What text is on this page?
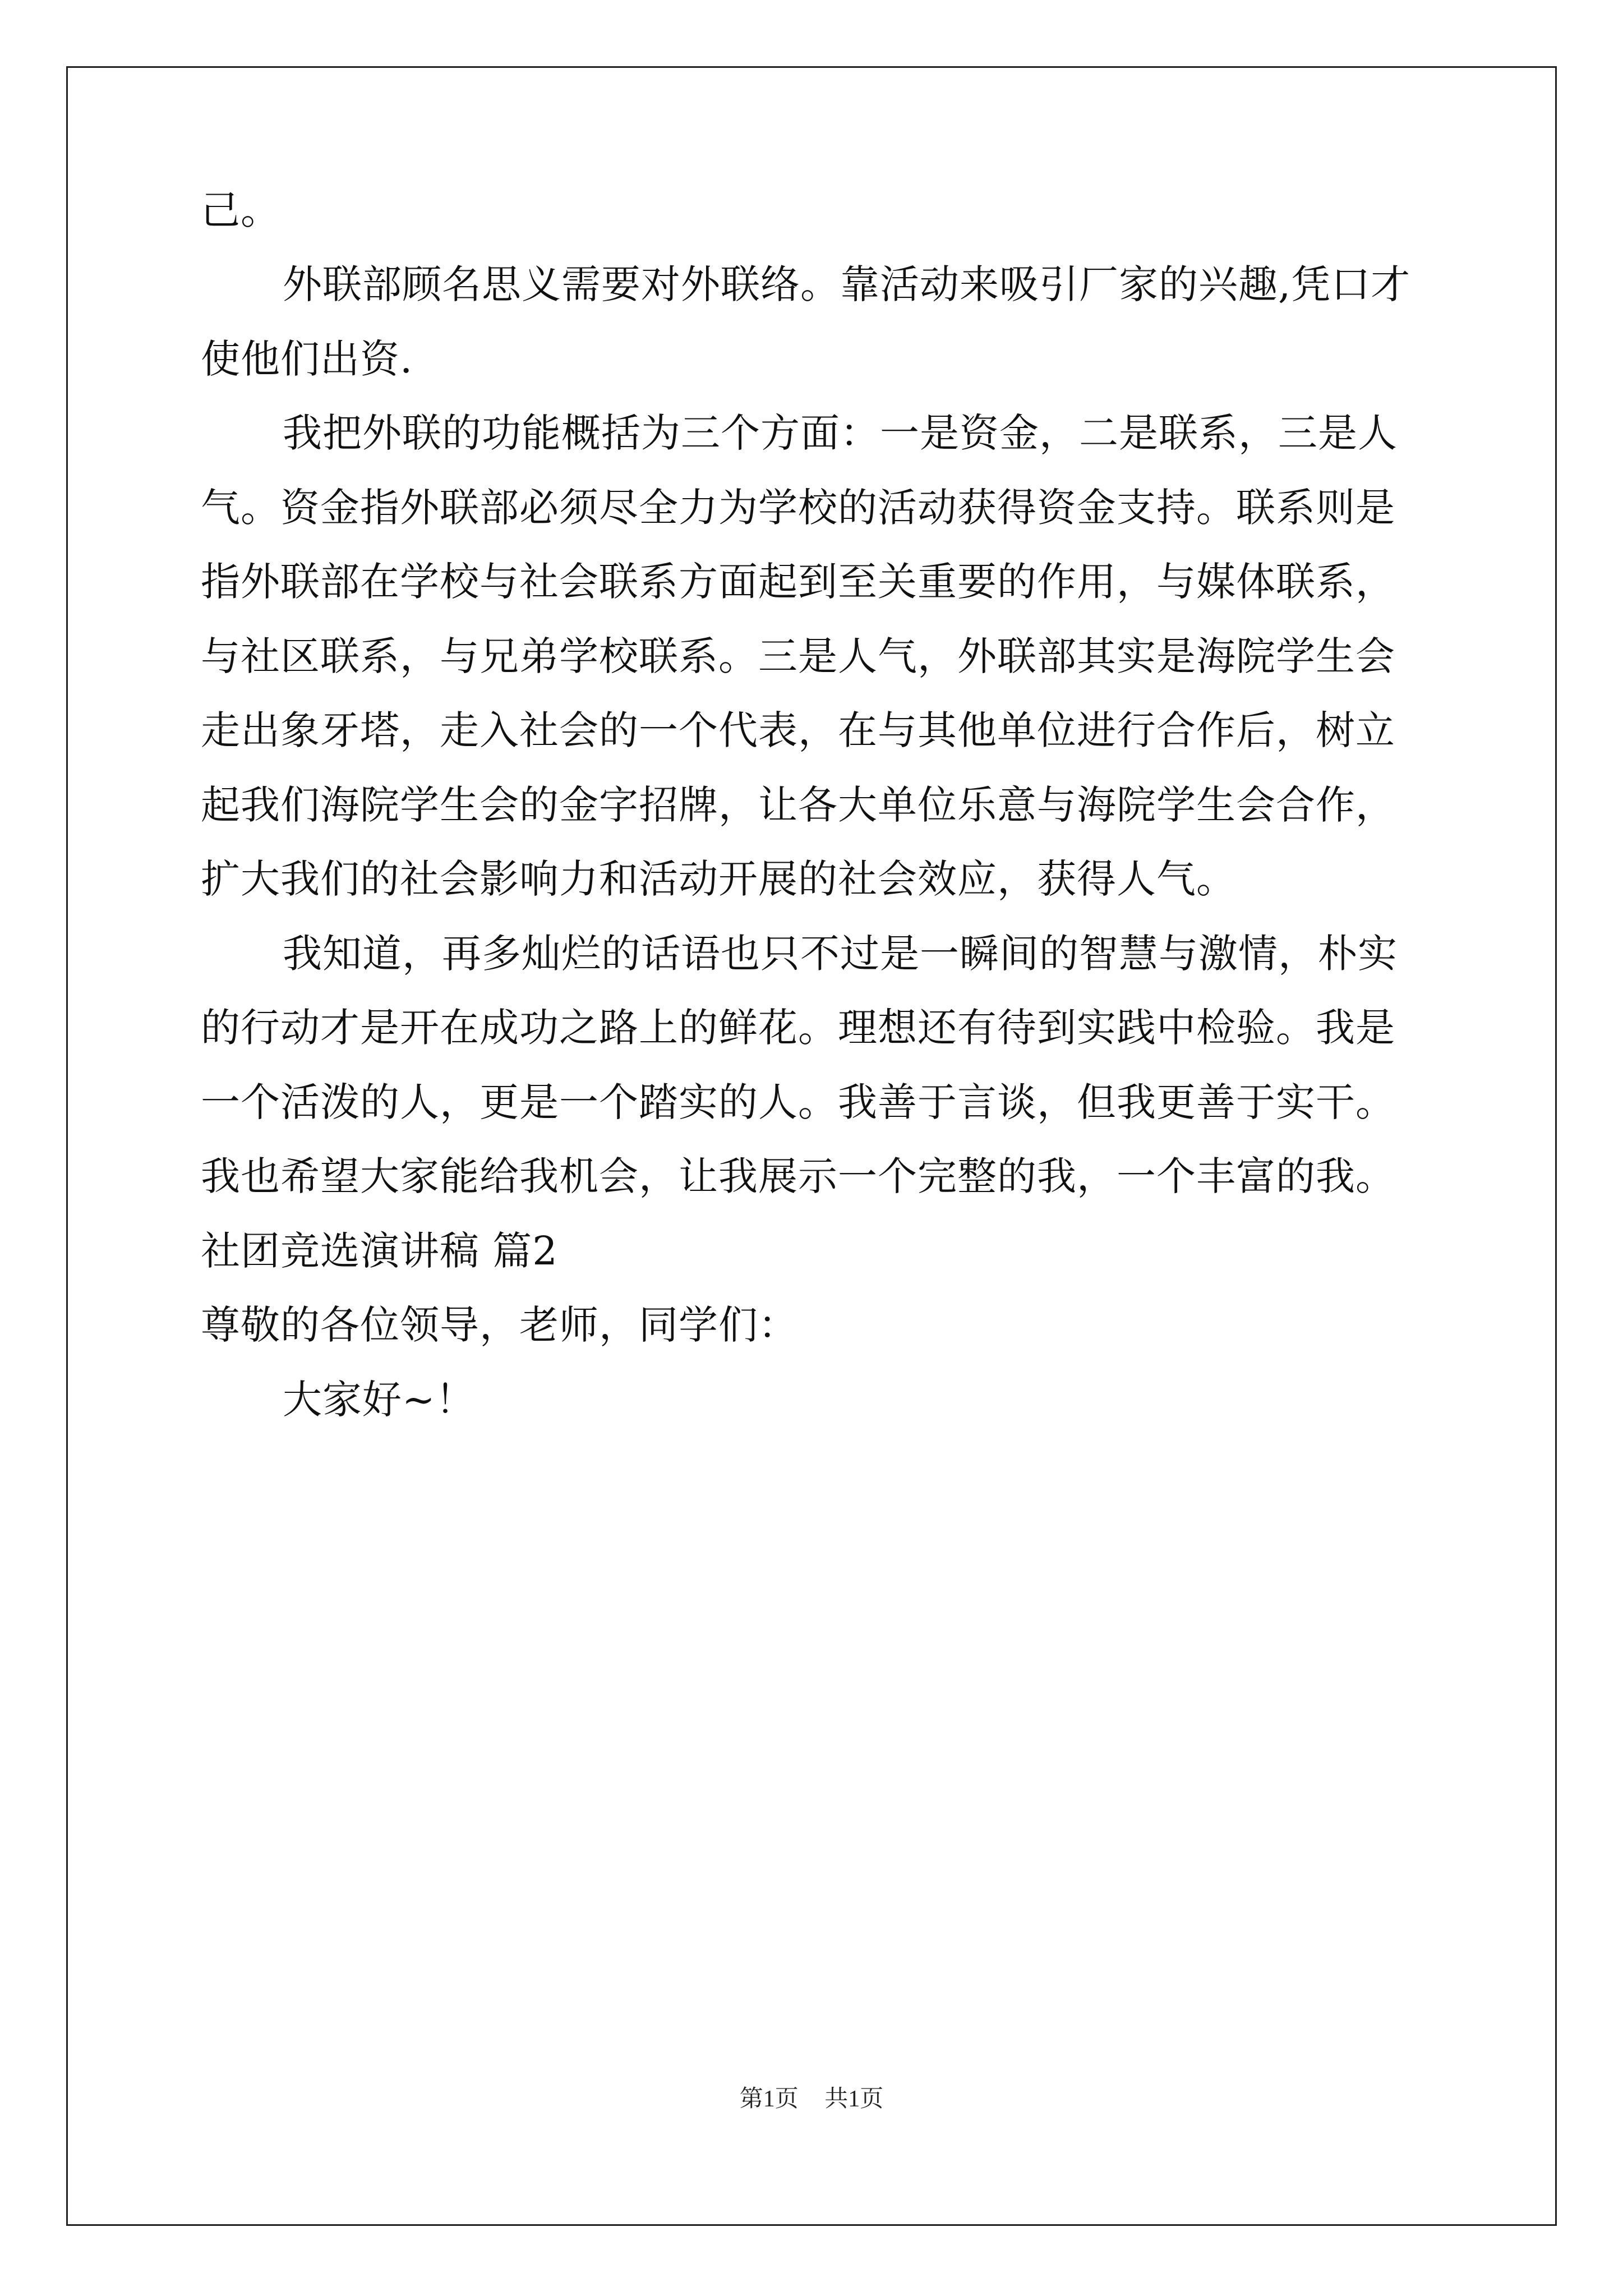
己。
外联部顾名思义需要对外联络。靠活动来吸引厂家的兴趣,凭口才
使他们出资.
我把外联的功能概括为三个方面：一是资金，二是联系，三是人
气。资金指外联部必须尽全力为学校的活动获得资金支持。联系则是
指外联部在学校与社会联系方面起到至关重要的作用，与媒体联系，
与社区联系，与兄弟学校联系。三是人气，外联部其实是海院学生会
走出象牙塔，走入社会的一个代表，在与其他单位进行合作后，树立
起我们海院学生会的金字招牌，让各大单位乐意与海院学生会合作，
扩大我们的社会影响力和活动开展的社会效应，获得人气。
我知道，再多灿烂的话语也只不过是一瞬间的智慧与激情，朴实
的行动才是开在成功之路上的鲜花。理想还有待到实践中检验。我是
一个活泼的人，更是一个踏实的人。我善于言谈，但我更善于实干。
我也希望大家能给我机会，让我展示一个完整的我，一个丰富的我。
社团竞选演讲稿 篇2
尊敬的各位领导，老师，同学们：
大家好~！
第1页 共1页
